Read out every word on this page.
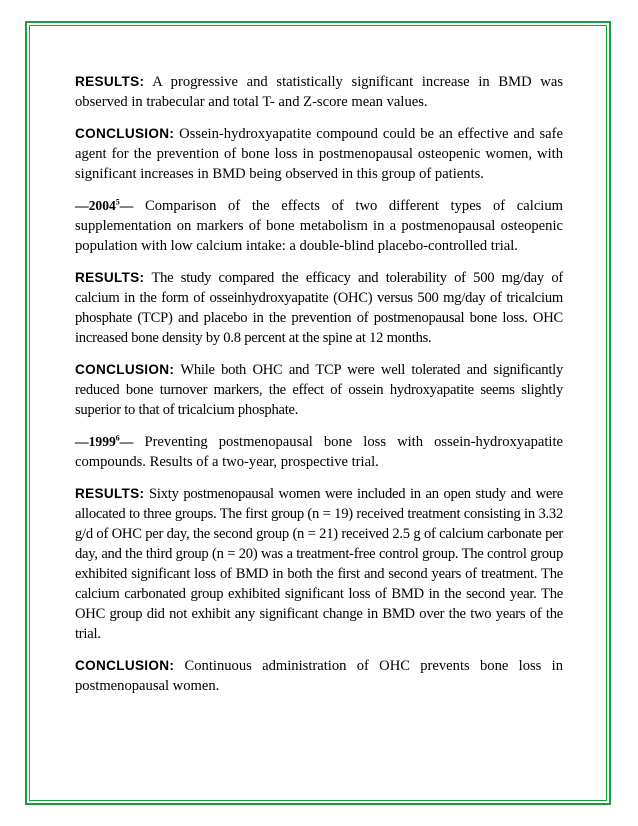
RESULTS: A progressive and statistically significant increase in BMD was observed in trabecular and total T- and Z-score mean values.

CONCLUSION: Ossein-hydroxyapatite compound could be an effective and safe agent for the prevention of bone loss in postmenopausal osteopenic women, with significant increases in BMD being observed in this group of patients.

—2004$^5$— Comparison of the effects of two different types of calcium supplementation on markers of bone metabolism in a postmenopausal osteopenic population with low calcium intake: a double-blind placebo-controlled trial.

RESULTS: The study compared the efficacy and tolerability of 500 mg/day of calcium in the form of osseinhydroxyapatite (OHC) versus 500 mg/day of tricalcium phosphate (TCP) and placebo in the prevention of postmenopausal bone loss. OHC increased bone density by 0.8 percent at the spine at 12 months.

CONCLUSION: While both OHC and TCP were well tolerated and significantly reduced bone turnover markers, the effect of ossein hydroxyapatite seems slightly superior to that of tricalcium phosphate.

—1999$^6$— Preventing postmenopausal bone loss with ossein-hydroxyapatite compounds. Results of a two-year, prospective trial.

RESULTS: Sixty postmenopausal women were included in an open study and were allocated to three groups. The first group (n = 19) received treatment consisting in 3.32 g/d of OHC per day, the second group (n = 21) received 2.5 g of calcium carbonate per day, and the third group (n = 20) was a treatment-free control group. The control group exhibited significant loss of BMD in both the first and second years of treatment. The calcium carbonated group exhibited significant loss of BMD in the second year. The OHC group did not exhibit any significant change in BMD over the two years of the trial.

CONCLUSION: Continuous administration of OHC prevents bone loss in postmenopausal women.
